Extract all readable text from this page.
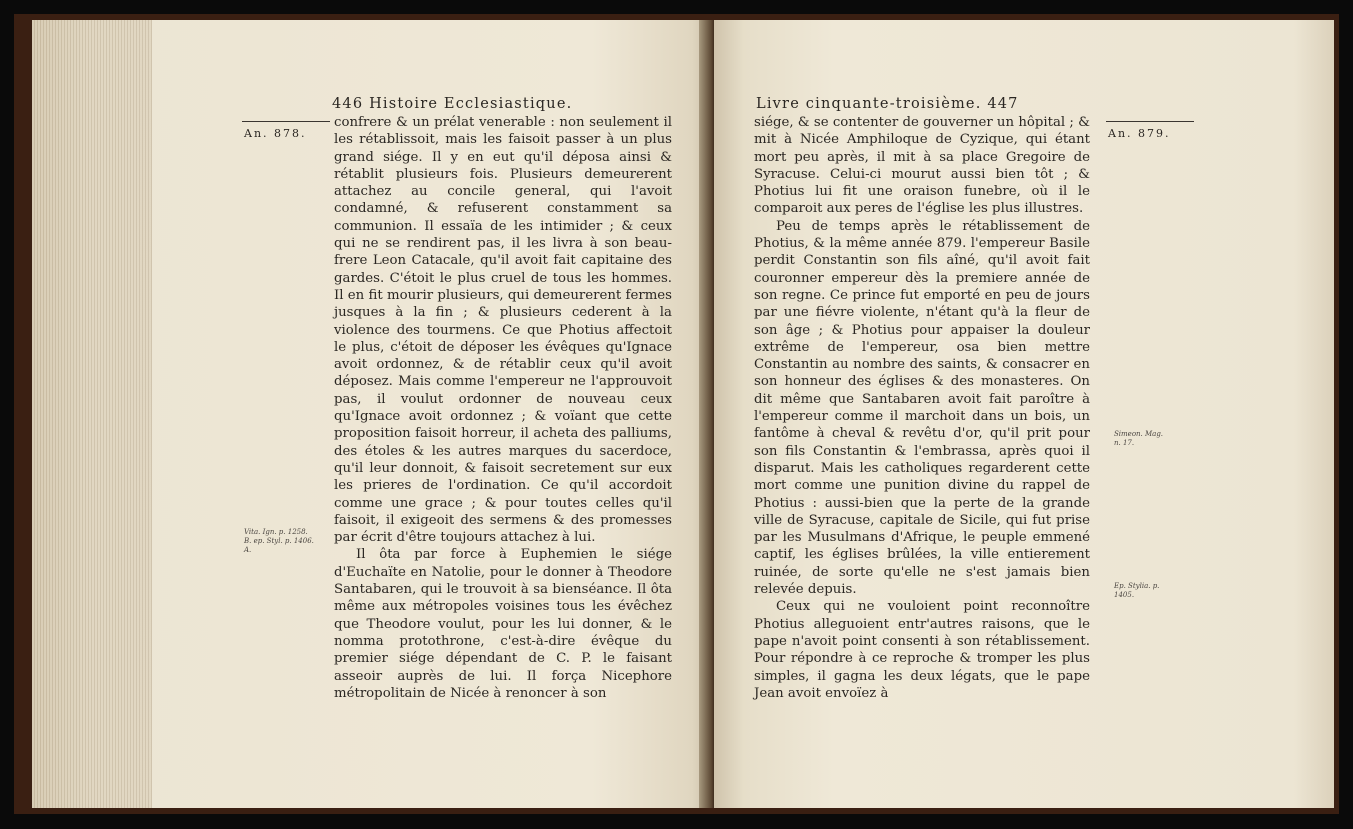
446 Histoire Ecclesiastique.
An. 878.

confrere & un prélat venerable : non seulement il les rétablissoit, mais les faisoit passer à un plus grand siége. Il y en eut qu'il déposa ainsi & rétablit plusieurs fois. Plusieurs demeurerent attachez au concile general, qui l'avoit condamné, & refuserent constamment sa communion. Il essaïa de les intimider ; & ceux qui ne se rendirent pas, il les livra à son beau-frere Leon Catacale, qu'il avoit fait capitaine des gardes. C'étoit le plus cruel de tous les hommes. Il en fit mourir plusieurs, qui demeurerent fermes jusques à la fin ; & plusieurs cederent à la violence des tourmens. Ce que Photius affectoit le plus, c'étoit de déposer les évêques qu'Ignace avoit ordonnez, & de rétablir ceux qu'il avoit déposez. Mais comme l'empereur ne l'approuvoit pas, il voulut ordonner de nouveau ceux qu'Ignace avoit ordonnez ; & voïant que cette proposition faisoit horreur, il acheta des palliums, des étoles & les autres marques du sacerdoce, qu'il leur donnoit, & faisoit secretement sur eux les prieres de l'ordination. Ce qu'il accordoit comme une grace ; & pour toutes celles qu'il faisoit, il exigeoit des sermens & des promesses par écrit d'être toujours attachez à lui.

Il ôta par force à Euphemien le siége d'Euchaïte en Natolie, pour le donner à Theodore Santabaren, qui le trouvoit à sa bienséance. Il ôta même aux métropoles voisines tous les évêchez que Theodore voulut, pour les lui donner, & le nomma protothrone, c'est-à-dire évêque du premier siége dépendant de C. P. le faisant asseoir auprès de lui. Il força Nicephore métropolitain de Nicée à renoncer à son

Vita. Ign. p. 1258.
B. ep. Styl. p. 1406.
A.
Livre cinquante-troisième. 447
An. 879.

siége, & se contenter de gouverner un hôpital ; & mit à Nicée Amphiloque de Cyzique, qui étant mort peu après, il mit à sa place Gregoire de Syracuse. Celui-ci mourut aussi bien tôt ; & Photius lui fit une oraison funebre, où il le comparoit aux peres de l'église les plus illustres.

Peu de temps après le rétablissement de Photius, & la même année 879. l'empereur Basile perdit Constantin son fils aîné, qu'il avoit fait couronner empereur dès la premiere année de son regne. Ce prince fut emporté en peu de jours par une fiévre violente, n'étant qu'à la fleur de son âge ; & Photius pour appaiser la douleur extrême de l'empereur, osa bien mettre Constantin au nombre des saints, & consacrer en son honneur des églises & des monasteres. On dit même que Santabaren avoit fait paroître à l'empereur comme il marchoit dans un bois, un fantôme à cheval & revêtu d'or, qu'il prit pour son fils Constantin & l'embrassa, après quoi il disparut. Mais les catholiques regarderent cette mort comme une punition divine du rappel de Photius : aussi-bien que la perte de la grande ville de Syracuse, capitale de Sicile, qui fut prise par les Musulmans d'Afrique, le peuple emmené captif, les églises brûlées, la ville entierement ruinée, de sorte qu'elle ne s'est jamais bien relevée depuis.

Ceux qui ne vouloient point reconnoître Photius alleguoient entr'autres raisons, que le pape n'avoit point consenti à son rétablissement. Pour répondre à ce reproche & tromper les plus simples, il gagna les deux légats, que le pape Jean avoit envoïez à

Simeon. Mag.
n. 17.
Ep. Stylia. p.
1405.
